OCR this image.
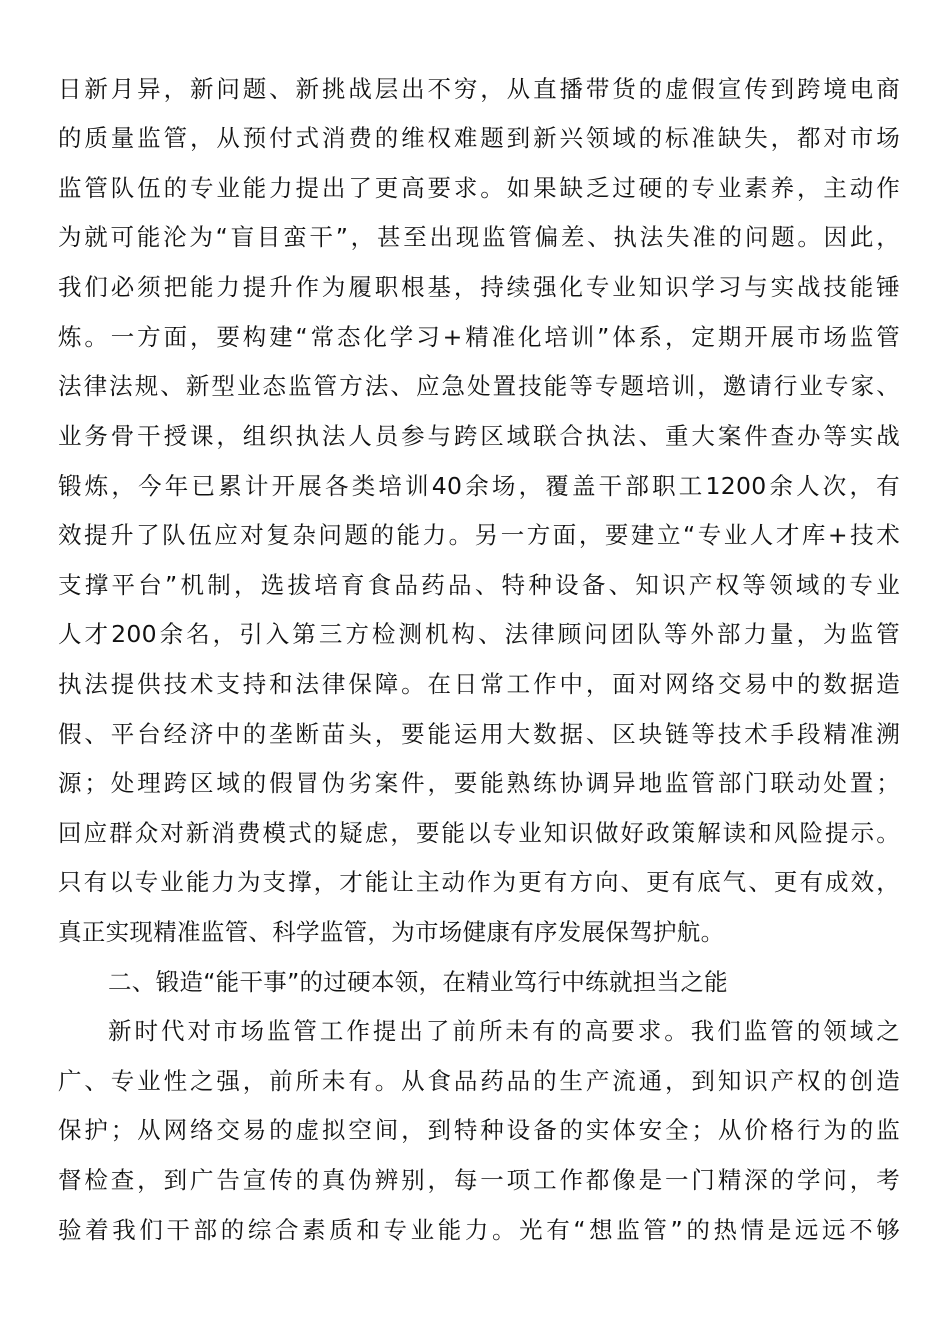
日新月异，新问题、新挑战层出不穷，从直播带货的虚假宣传到跨境电商
的质量监管，从预付式消费的维权难题到新兴领域的标准缺失，都对市场
监管队伍的专业能力提出了更高要求。如果缺乏过硬的专业素养，主动作
为就可能沦为“盲目蛮干”，甚至出现监管偏差、执法失准的问题。因此，
我们必须把能力提升作为履职根基，持续强化专业知识学习与实战技能锤
炼。一方面，要构建“常态化学习+精准化培训”体系，定期开展市场监管
法律法规、新型业态监管方法、应急处置技能等专题培训，邀请行业专家、
业务骨干授课，组织执法人员参与跨区域联合执法、重大案件查办等实战
锻炼，今年已累计开展各类培训40余场，覆盖干部职工1200余人次，有
效提升了队伍应对复杂问题的能力。另一方面，要建立“专业人才库+技术
支撑平台”机制，选拔培育食品药品、特种设备、知识产权等领域的专业
人才200余名，引入第三方检测机构、法律顾问团队等外部力量，为监管
执法提供技术支持和法律保障。在日常工作中，面对网络交易中的数据造
假、平台经济中的垄断苗头，要能运用大数据、区块链等技术手段精准溯
源；处理跨区域的假冒伪劣案件，要能熟练协调异地监管部门联动处置；
回应群众对新消费模式的疑虑，要能以专业知识做好政策解读和风险提示。
只有以专业能力为支撑，才能让主动作为更有方向、更有底气、更有成效，
真正实现精准监管、科学监管，为市场健康有序发展保驾护航。
二、锻造“能干事”的过硬本领，在精业笃行中练就担当之能
新时代对市场监管工作提出了前所未有的高要求。我们监管的领域之
广、专业性之强，前所未有。从食品药品的生产流通，到知识产权的创造
保护；从网络交易的虚拟空间，到特种设备的实体安全；从价格行为的监
督检查，到广告宣传的真伪辨别，每一项工作都像是一门精深的学问，考
验着我们干部的综合素质和专业能力。光有“想监管”的热情是远远不够
